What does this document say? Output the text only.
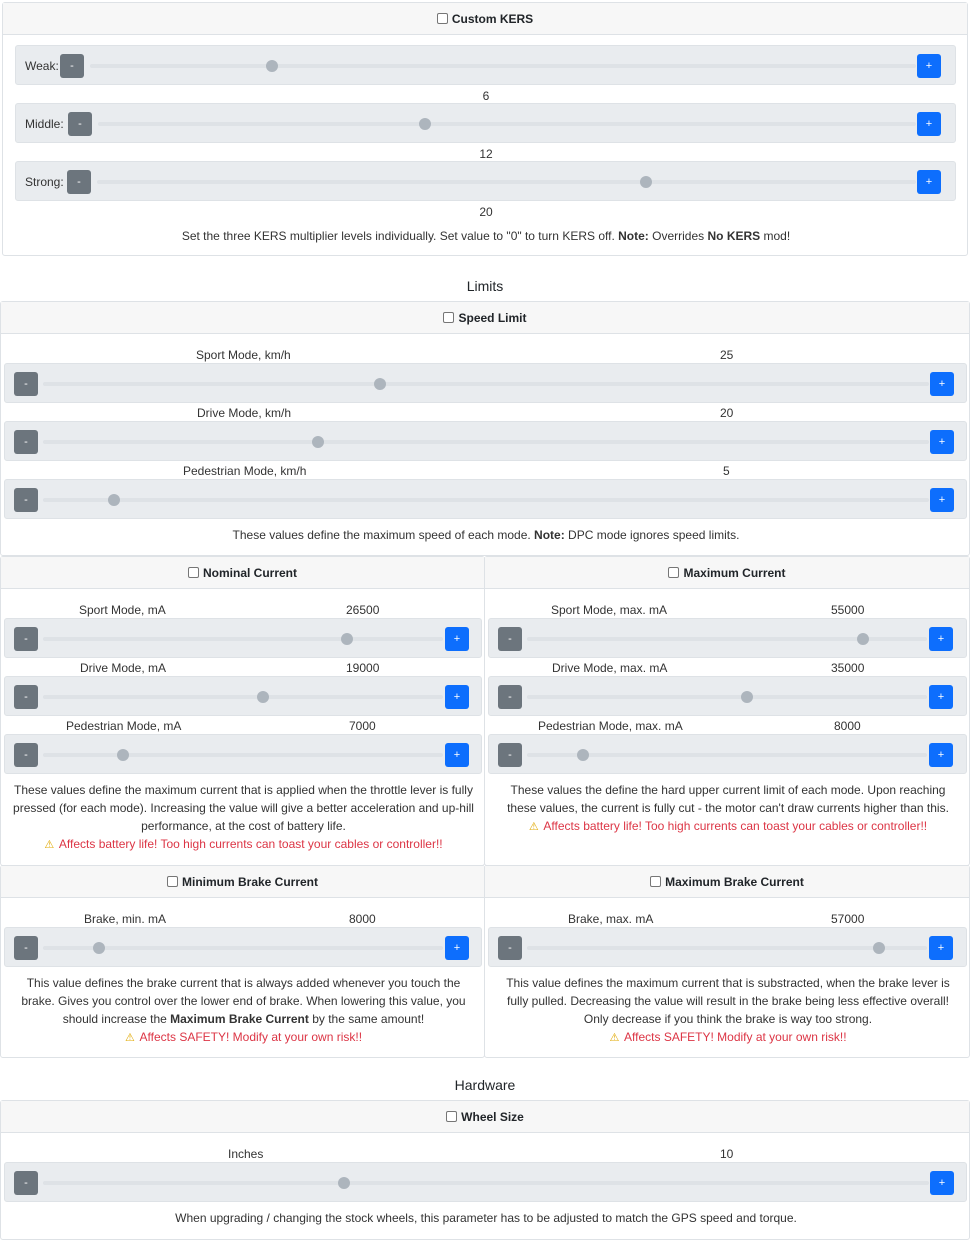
Custom KERS
Weak:	-	+
6
Middle:	-	+
12
Strong:	-	+
20
Set the three KERS multiplier levels individually. Set value to "0" to turn KERS off. Note: Overrides No KERS mod!
Limits
Speed Limit
Sport Mode, km/h	25
-	+
Drive Mode, km/h	20
-	+
Pedestrian Mode, km/h	5
-	+
These values define the maximum speed of each mode. Note: DPC mode ignores speed limits.
Nominal Current
Sport Mode, mA	26500
-	+
Drive Mode, mA	19000
-	+
Pedestrian Mode, mA	7000
-	+
These values define the maximum current that is applied when the throttle lever is fully
pressed (for each mode). Increasing the value will give a better acceleration and up-hill
performance, at the cost of battery life.
⚠ Affects battery life! Too high currents can toast your cables or controller!!
Maximum Current
Sport Mode, max. mA	55000
-	+
Drive Mode, max. mA	35000
-	+
Pedestrian Mode, max. mA	8000
-	+
These values the define the hard upper current limit of each mode. Upon reaching
these values, the current is fully cut - the motor can't draw currents higher than this.
⚠ Affects battery life! Too high currents can toast your cables or controller!!
Minimum Brake Current
Brake, min. mA	8000
-	+
This value defines the brake current that is always added whenever you touch the
brake. Gives you control over the lower end of brake. When lowering this value, you
should increase the Maximum Brake Current by the same amount!
⚠ Affects SAFETY! Modify at your own risk!!
Maximum Brake Current
Brake, max. mA	57000
-	+
This value defines the maximum current that is substracted, when the brake lever is
fully pulled. Decreasing the value will result in the brake being less effective overall!
Only decrease if you think the brake is way too strong.
⚠ Affects SAFETY! Modify at your own risk!!
Hardware
Wheel Size
Inches	10
-	+
When upgrading / changing the stock wheels, this parameter has to be adjusted to match the GPS speed and torque.
